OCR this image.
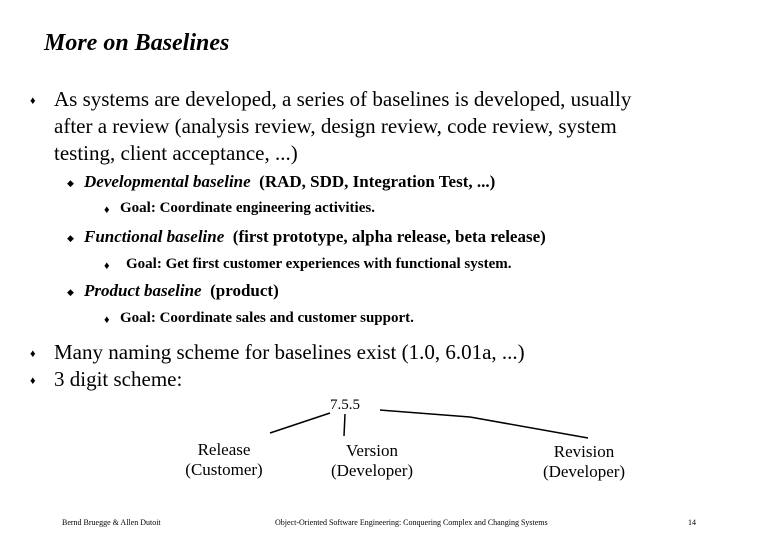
More on Baselines
♦ As systems are developed, a series of baselines is developed, usually
after a review (analysis review, design review, code review, system
testing, client acceptance, ...)
◆ Developmental baseline (RAD, SDD, Integration Test, ...)
♦ Goal: Coordinate engineering activities.
◆ Functional baseline (first prototype, alpha release, beta release)
♦ Goal: Get first customer experiences with functional system.
◆ Product baseline (product)
♦ Goal: Coordinate sales and customer support.
♦ Many naming scheme for baselines exist (1.0, 6.01a, ...)
♦ 3 digit scheme:
7.5.5
Release
(Customer)
Version
(Developer)
Revision
(Developer)
Bernd Bruegge & Allen Dutoit	Object-Oriented Software Engineering: Conquering Complex and Changing Systems	14
